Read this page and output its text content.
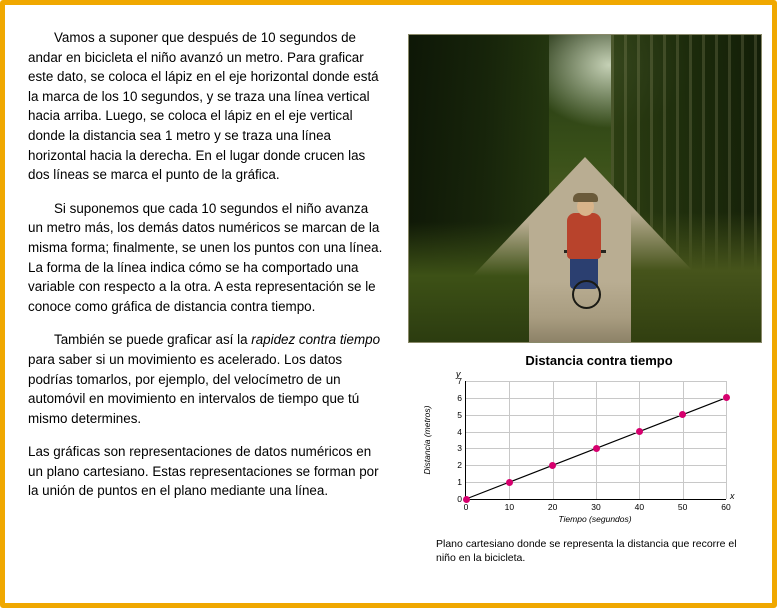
Vamos a suponer que después de 10 segundos de andar en bicicleta el niño avanzó un metro. Para graficar este dato, se coloca el lápiz en el eje horizontal donde está la marca de los 10 segundos, y se traza una línea vertical hacia arriba. Luego, se coloca el lápiz en el eje vertical donde la distancia sea 1 metro y se traza una línea horizontal hacia la derecha. En el lugar donde crucen las dos líneas se marca el punto de la gráfica.

Si suponemos que cada 10 segundos el niño avanza un metro más, los demás datos numéricos se marcan de la misma forma; finalmente, se unen los puntos con una línea. La forma de la línea indica cómo se ha comportado una variable con respecto a la otra. A esta representación se le conoce como gráfica de distancia contra tiempo.

También se puede graficar así la rapidez contra tiempo para saber si un movimiento es acelerado. Los datos podrías tomarlos, por ejemplo, del velocímetro de un automóvil en movimiento en intervalos de tiempo que tú mismo determines.

Las gráficas son representaciones de datos numéricos en un plano cartesiano. Estas representaciones se forman por la unión de puntos en el plano mediante una línea.

Distancia contra tiempo
y
x
Distancia (metros)
0
1
2
3
4
5
6
7
0	10	20	30	40	50	60
Tiempo (segundos)
Plano cartesiano donde se representa la distancia que recorre el niño en la bicicleta.
